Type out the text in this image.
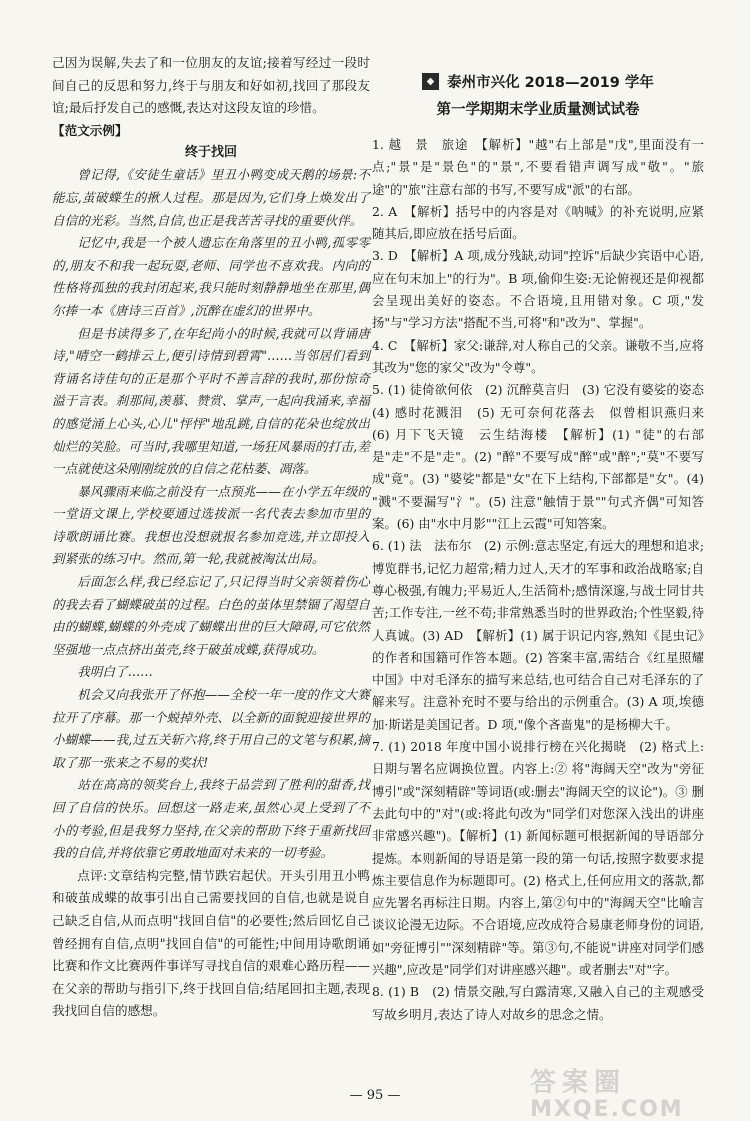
己因为误解,失去了和一位朋友的友谊;接着写经过一段时间自己的反思和努力,终于与朋友和好如初,找回了那段友谊;最后抒发自己的感慨,表达对这段友谊的珍惜。

【范文示例】
终于找回

曾记得,《安徒生童话》里丑小鸭变成天鹅的场景:不能忘,茧破蝶生的揪人过程。那是因为,它们身上焕发出了自信的光彩。当然,自信,也正是我苦苦寻找的重要伙伴。

记忆中,我是一个被人遗忘在角落里的丑小鸭,孤零零的,朋友不和我一起玩耍,老师、同学也不喜欢我。内向的性格将孤独的我封闭起来,我只能时刻静静地坐在那里,偶尔捧一本《唐诗三百首》,沉醉在虚幻的世界中。

但是书读得多了,在年纪尚小的时候,我就可以背诵唐诗,"晴空一鹤排云上,便引诗情到碧霄"……当邻居们看到背诵名诗佳句的正是那个平时不善言辞的我时,那份惊奇溢于言表。刹那间,羡慕、赞赏、掌声,一起向我涌来,幸福的感觉涌上心头,心儿"怦怦"地乱跳,自信的花朵也绽放出灿烂的笑脸。可当时,我哪里知道,一场狂风暴雨的打击,差一点就使这朵刚刚绽放的自信之花枯萎、凋落。

暴风骤雨来临之前没有一点预兆——在小学五年级的一堂语文课上,学校要通过选拔派一名代表去参加市里的诗歌朗诵比赛。我想也没想就报名参加竞选,并立即投入到紧张的练习中。然而,第一轮,我就被淘汰出局。

后面怎么样,我已经忘记了,只记得当时父亲领着伤心的我去看了蝴蝶破茧的过程。白色的茧体里禁锢了渴望自由的蝴蝶,蝴蝶的外壳成了蝴蝶出世的巨大障碍,可它依然坚强地一点点挤出茧壳,终于破茧成蝶,获得成功。

我明白了……

机会又向我张开了怀抱——全校一年一度的作文大赛拉开了序幕。那一个蜕掉外壳、以全新的面貌迎接世界的小蝴蝶——我,过五关斩六将,终于用自己的文笔与积累,摘取了那一张来之不易的奖状!

站在高高的领奖台上,我终于品尝到了胜利的甜香,找回了自信的快乐。回想这一路走来,虽然心灵上受到了不小的考验,但是我努力坚持,在父亲的帮助下终于重新找回我的自信,并将依靠它勇敢地面对未来的一切考验。

点评:文章结构完整,情节跌宕起伏。开头引用丑小鸭和破茧成蝶的故事引出自己需要找回的自信,也就是说自己缺乏自信,从而点明"找回自信"的必要性;然后回忆自己曾经拥有自信,点明"找回自信"的可能性;中间用诗歌朗诵比赛和作文比赛两件事详写寻找自信的艰难心路历程——在父亲的帮助与指引下,终于找回自信;结尾回扣主题,表现我找回自信的感想。

泰州市兴化 2018—2019 学年
第一学期期末学业质量测试试卷
1. 越　景　旅途　【解析】"越"右上部是"戊",里面没有一点;"景"是"景色"的"景",不要看错声调写成"敬"。"旅途"的"旅"注意右部的书写,不要写成"派"的右部。
2. A　【解析】括号中的内容是对《呐喊》的补充说明,应紧随其后,即应放在括号后面。
3. D　【解析】A 项,成分残缺,动词"控诉"后缺少宾语中心语,应在句末加上"的行为"。B 项,偷仰生姿:无论俯视还是仰视都会呈现出美好的姿态。不合语境,且用错对象。C 项,"发扬"与"学习方法"搭配不当,可将"和"改为"、掌握"。
4. C　【解析】家父:谦辞,对人称自己的父亲。谦敬不当,应将其改为"您的家父"改为"令尊"。
5. (1) 徒倚欲何依　(2) 沉醉莫言归　(3) 它没有婆娑的姿态　(4) 感时花溅泪　(5) 无可奈何花落去　似曾相识燕归来　(6) 月下飞天镜　云生结海楼　【解析】(1) "徒"的右部是"走"不是"走"。(2) "醉"不要写成"醉"或"醉";"莫"不要写成"竟"。(3) "婆娑"都是"女"在下上结构,下部都是"女"。(4) "溅"不要漏写"氵"。(5) 注意"触情于景""句式齐偶"可知答案。(6) 由"水中月影""江上云霞"可知答案。
6. (1) 法　法布尔　(2) 示例:意志坚定,有远大的理想和追求;博览群书,记忆力超常;精力过人,天才的军事和政治战略家;自尊心极强,有魄力;平易近人,生活简朴;感情深邃,与战士同甘共苦;工作专注,一丝不苟;非常熟悉当时的世界政治;个性坚毅,待人真诚。(3) AD　【解析】(1) 属于识记内容,熟知《昆虫记》的作者和国籍可作答本题。(2) 答案丰富,需结合《红星照耀中国》中对毛泽东的描写来总结,也可结合自己对毛泽东的了解来写。注意补充时不要与给出的示例重合。(3) A 项,埃德加·斯诺是美国记者。D 项,"像个吝啬鬼"的是杨柳大千。
7. (1) 2018 年度中国小说排行榜在兴化揭晓　(2) 格式上:日期与署名应调换位置。内容上:② 将"海阔天空"改为"旁征博引"或"深刻精辟"等词语(或:删去"海阔天空的议论")。③ 删去此句中的"对"(或:将此句改为"同学们对您深入浅出的讲座非常感兴趣")。【解析】(1) 新闻标题可根据新闻的导语部分提炼。本则新闻的导语是第一段的第一句话,按照字数要求提炼主要信息作为标题即可。(2) 格式上,任何应用文的落款,都应先署名再标注日期。内容上,第②句中的"海阔天空"比喻言谈议论漫无边际。不合语境,应改成符合易康老师身份的词语,如"旁征博引""深刻精辟"等。第③句,不能说"讲座对同学们感兴趣",应改是"同学们对讲座感兴趣"。或者删去"对"字。
8. (1) B　(2) 情景交融,写白露清寒,又融入自己的主观感受写故乡明月,表达了诗人对故乡的思念之情。
— 95 —	答案圈
MXQE.COM
